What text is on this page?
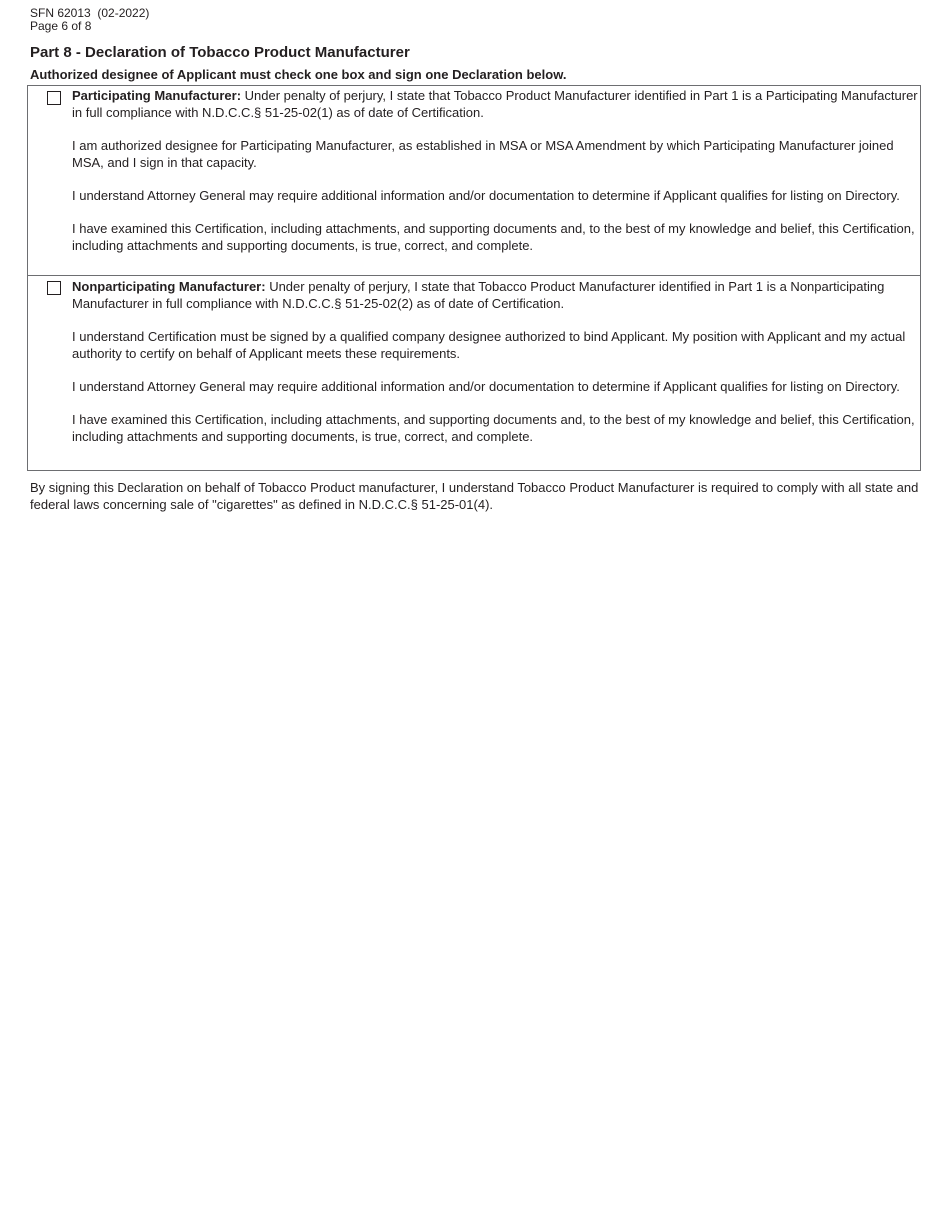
SFN 62013  (02-2022)
Page 6 of 8
Part 8 - Declaration of Tobacco Product Manufacturer
Authorized designee of Applicant must check one box and sign one Declaration below.

Participating Manufacturer: Under penalty of perjury, I state that Tobacco Product Manufacturer identified in Part 1 is a Participating Manufacturer in full compliance with N.D.C.C.§ 51-25-02(1) as of date of Certification.

I am authorized designee for Participating Manufacturer, as established in MSA or MSA Amendment by which Participating Manufacturer joined MSA, and I sign in that capacity.

I understand Attorney General may require additional information and/or documentation to determine if Applicant qualifies for listing on Directory.

I have examined this Certification, including attachments, and supporting documents and, to the best of my knowledge and belief, this Certification, including attachments and supporting documents, is true, correct, and complete.

Nonparticipating Manufacturer: Under penalty of perjury, I state that Tobacco Product Manufacturer identified in Part 1 is a Nonparticipating Manufacturer in full compliance with N.D.C.C.§ 51-25-02(2) as of date of Certification.

I understand Certification must be signed by a qualified company designee authorized to bind Applicant. My position with Applicant and my actual authority to certify on behalf of Applicant meets these requirements.

I understand Attorney General may require additional information and/or documentation to determine if Applicant qualifies for listing on Directory.

I have examined this Certification, including attachments, and supporting documents and, to the best of my knowledge and belief, this Certification, including attachments and supporting documents, is true, correct, and complete.

By signing this Declaration on behalf of Tobacco Product manufacturer, I understand Tobacco Product Manufacturer is required to comply with all state and federal laws concerning sale of "cigarettes" as defined in N.D.C.C.§ 51-25-01(4).
